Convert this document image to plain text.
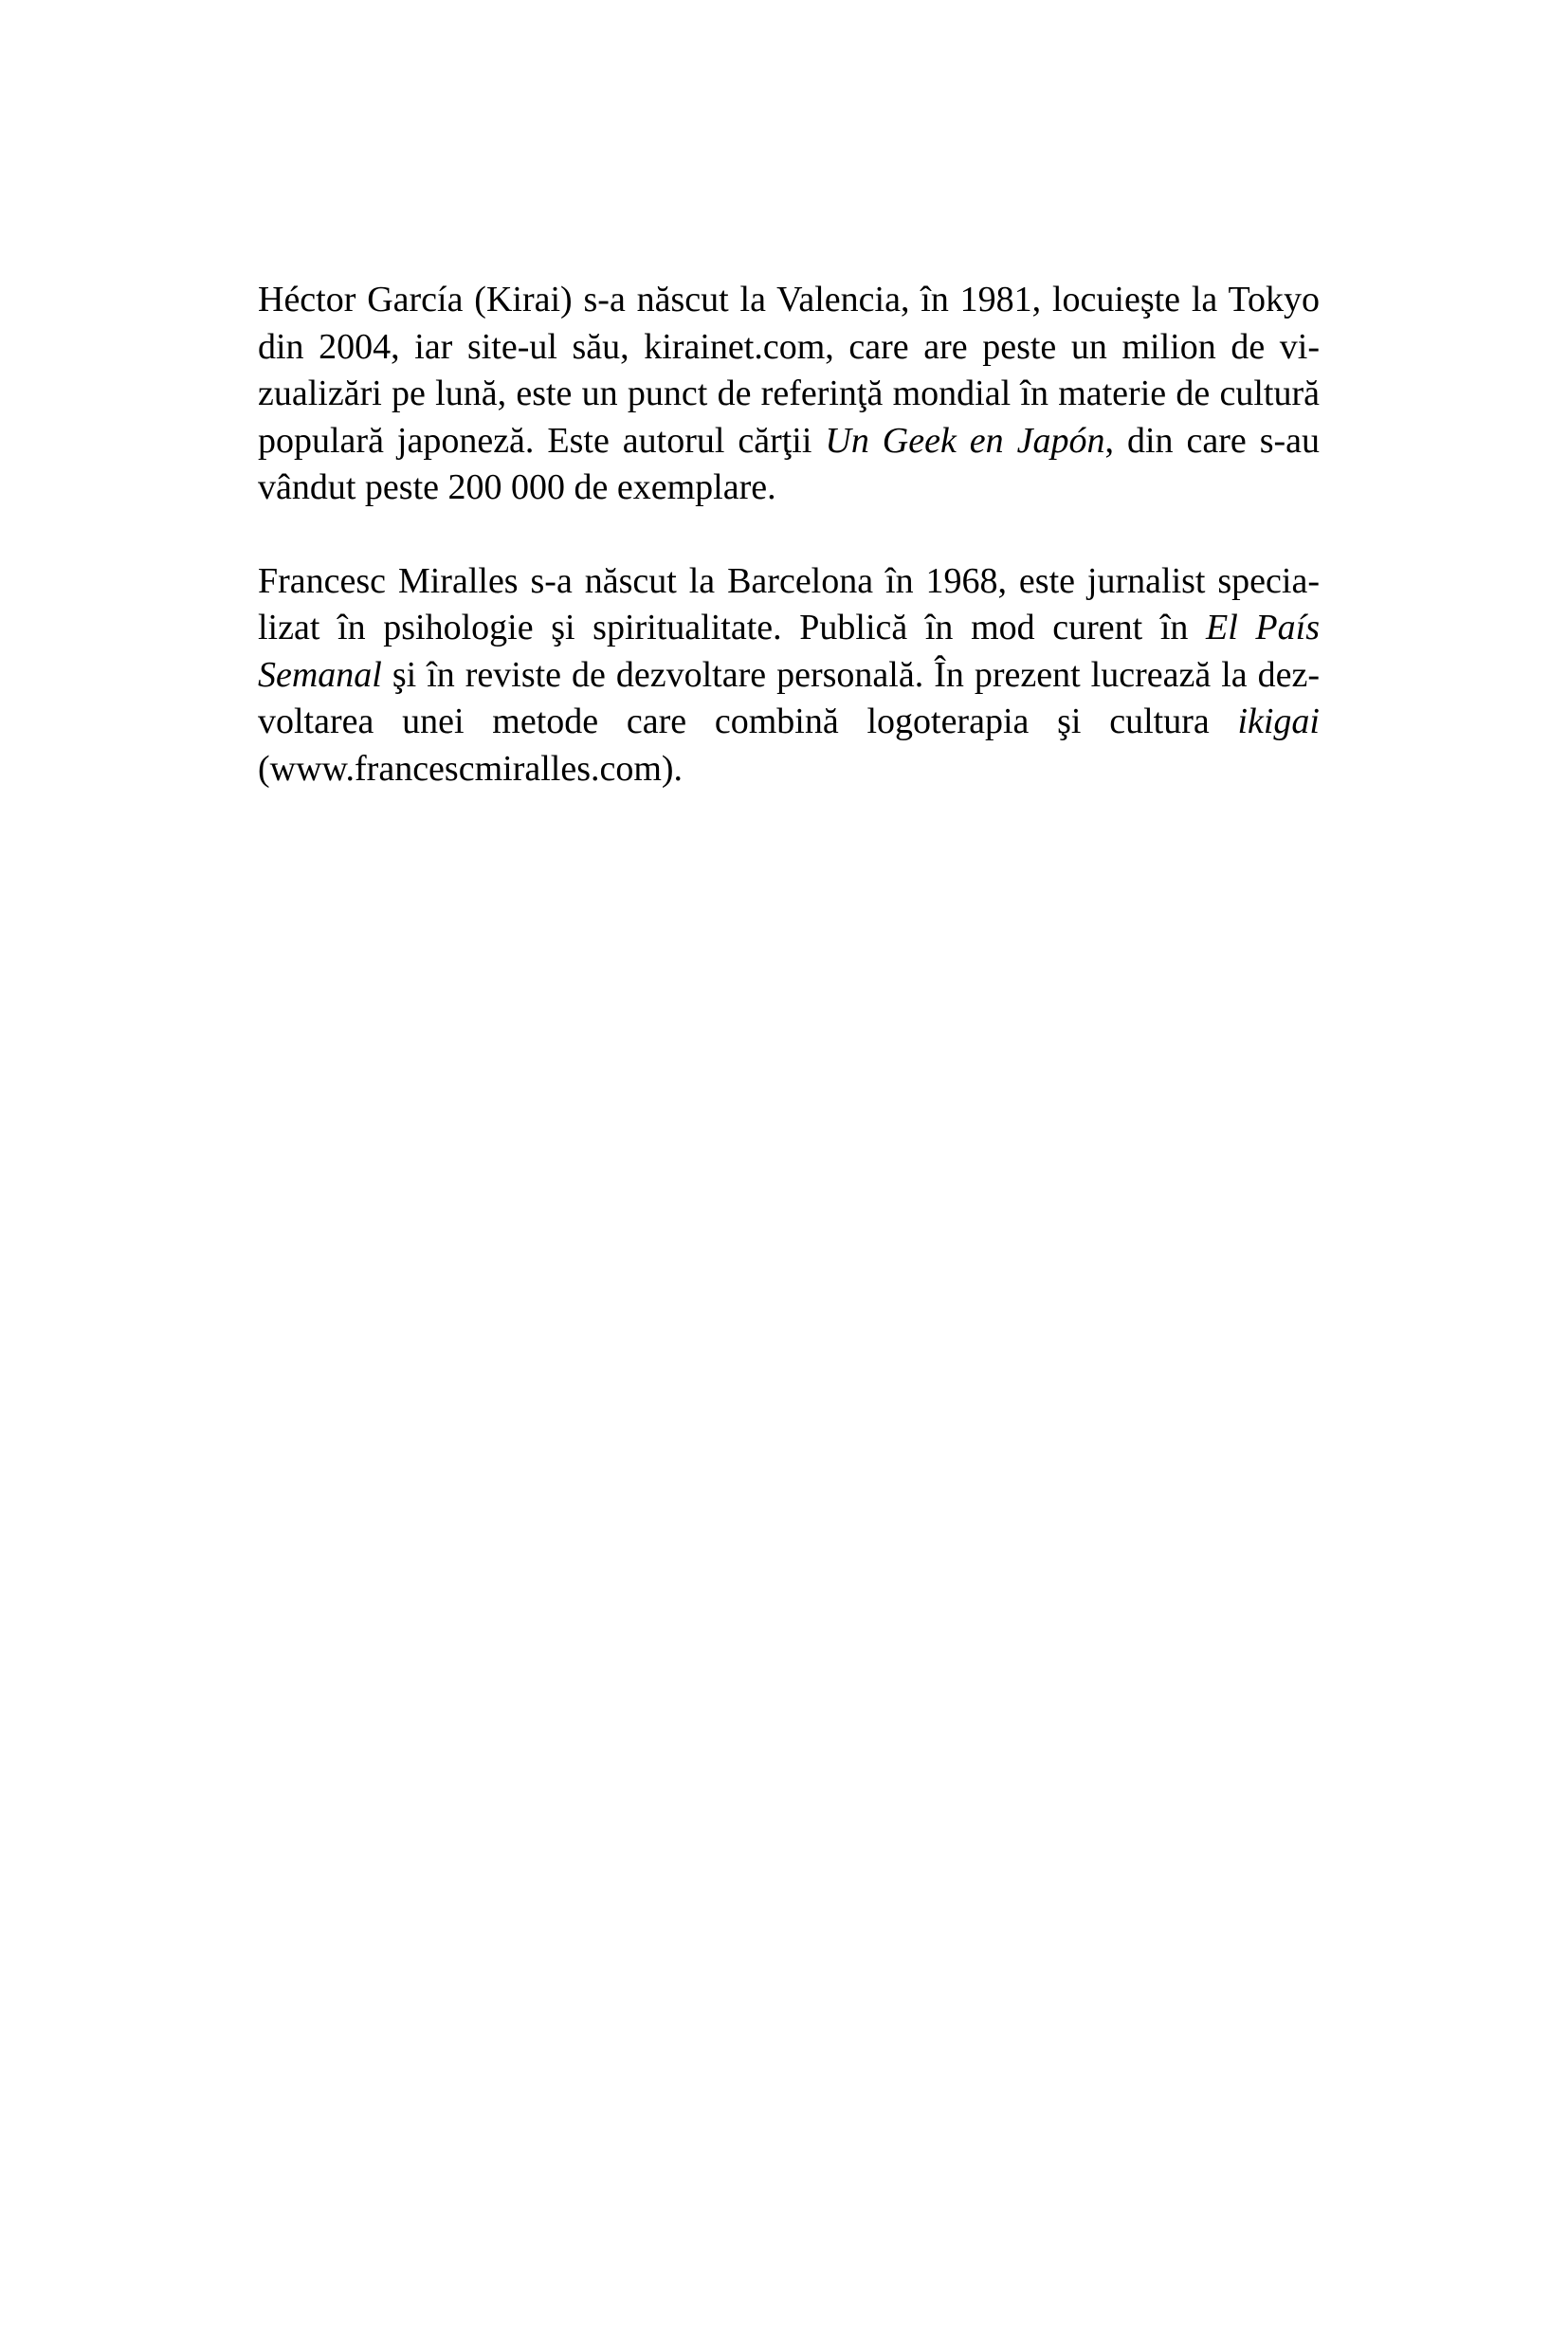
Héctor García (Kirai) s-a născut la Valencia, în 1981, locuieşte la Tokyo
din 2004, iar site-ul său, kirainet.com, care are peste un milion de vi-
zualizări pe lună, este un punct de referinţă mondial în materie de cultură
populară japoneză. Este autorul cărţii Un Geek en Japón, din care s-au
vândut peste 200 000 de exemplare.

Francesc Miralles s-a născut la Barcelona în 1968, este jurnalist specia-
lizat în psihologie şi spiritualitate. Publică în mod curent în El País
Semanal şi în reviste de dezvoltare personală. În prezent lucrează la dez-
voltarea unei metode care combină logoterapia şi cultura ikigai
(www.francescmiralles.com).
